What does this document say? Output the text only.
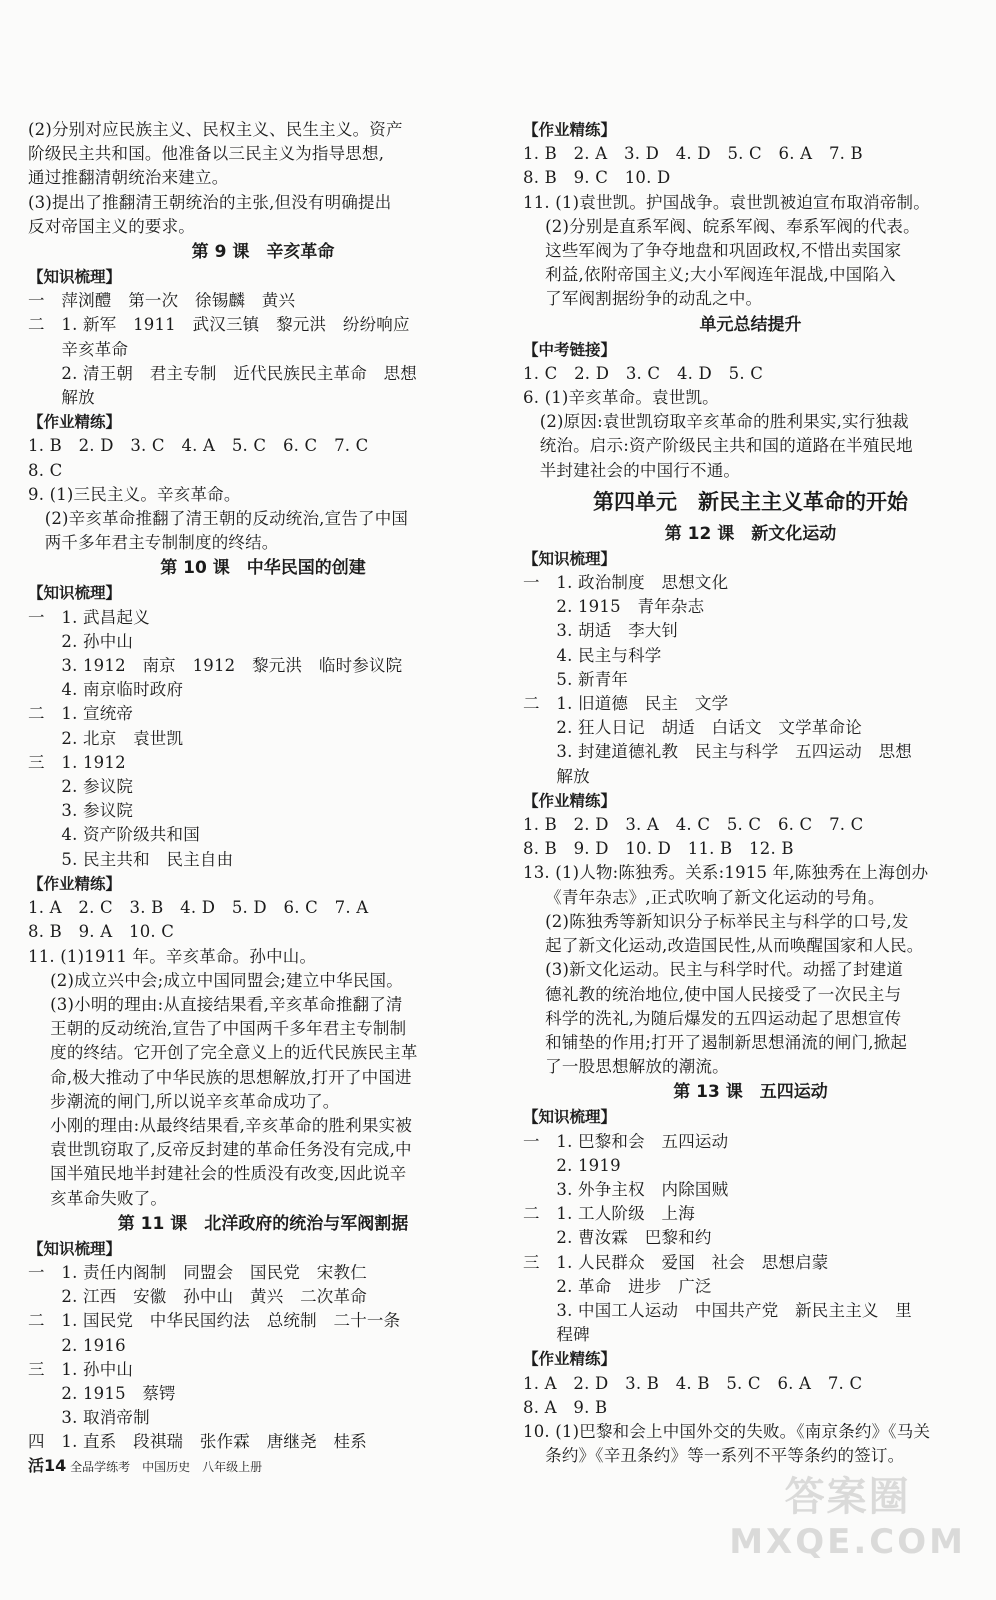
(2)分别对应民族主义、民权主义、民生主义。资产
阶级民主共和国。他准备以三民主义为指导思想,
通过推翻清朝统治来建立。
(3)提出了推翻清王朝统治的主张,但没有明确提出
反对帝国主义的要求。
第 9 课　辛亥革命
【知识梳理】
一　萍浏醴　第一次　徐锡麟　黄兴
二　1. 新军　1911　武汉三镇　黎元洪　纷纷响应
　　辛亥革命
　　2. 清王朝　君主专制　近代民族民主革命　思想
　　解放
【作业精练】
1. B　2. D　3. C　4. A　5. C　6. C　7. C
8. C
9. (1)三民主义。辛亥革命。
　(2)辛亥革命推翻了清王朝的反动统治,宣告了中国
　两千多年君主专制制度的终结。
第 10 课　中华民国的创建
【知识梳理】
一　1. 武昌起义
　　2. 孙中山
　　3. 1912　南京　1912　黎元洪　临时参议院
　　4. 南京临时政府
二　1. 宣统帝
　　2. 北京　袁世凯
三　1. 1912
　　2. 参议院
　　3. 参议院
　　4. 资产阶级共和国
　　5. 民主共和　民主自由
【作业精练】
1. A　2. C　3. B　4. D　5. D　6. C　7. A
8. B　9. A　10. C
11. (1)1911 年。辛亥革命。孙中山。
　 (2)成立兴中会;成立中国同盟会;建立中华民国。
　 (3)小明的理由:从直接结果看,辛亥革命推翻了清
　 王朝的反动统治,宣告了中国两千多年君主专制制
　 度的终结。它开创了完全意义上的近代民族民主革
　 命,极大推动了中华民族的思想解放,打开了中国进
　 步潮流的闸门,所以说辛亥革命成功了。
　 小刚的理由:从最终结果看,辛亥革命的胜利果实被
　 袁世凯窃取了,反帝反封建的革命任务没有完成,中
　 国半殖民地半封建社会的性质没有改变,因此说辛
　 亥革命失败了。
第 11 课　北洋政府的统治与军阀割据
【知识梳理】
一　1. 责任内阁制　同盟会　国民党　宋教仁
　　2. 江西　安徽　孙中山　黄兴　二次革命
二　1. 国民党　中华民国约法　总统制　二十一条
　　2. 1916
三　1. 孙中山
　　2. 1915　蔡锷
　　3. 取消帝制
四　1. 直系　段祺瑞　张作霖　唐继尧　桂系
【作业精练】
1. B　2. A　3. D　4. D　5. C　6. A　7. B
8. B　9. C　10. D
11. (1)袁世凯。护国战争。袁世凯被迫宣布取消帝制。
　 (2)分别是直系军阀、皖系军阀、奉系军阀的代表。
　 这些军阀为了争夺地盘和巩固政权,不惜出卖国家
　 利益,依附帝国主义;大小军阀连年混战,中国陷入
　 了军阀割据纷争的动乱之中。
单元总结提升
【中考链接】
1. C　2. D　3. C　4. D　5. C
6. (1)辛亥革命。袁世凯。
　(2)原因:袁世凯窃取辛亥革命的胜利果实,实行独裁
　统治。启示:资产阶级民主共和国的道路在半殖民地
　半封建社会的中国行不通。
第四单元　新民主主义革命的开始
第 12 课　新文化运动
【知识梳理】
一　1. 政治制度　思想文化
　　2. 1915　青年杂志
　　3. 胡适　李大钊
　　4. 民主与科学
　　5. 新青年
二　1. 旧道德　民主　文学
　　2. 狂人日记　胡适　白话文　文学革命论
　　3. 封建道德礼教　民主与科学　五四运动　思想
　　解放
【作业精练】
1. B　2. D　3. A　4. C　5. C　6. C　7. C
8. B　9. D　10. D　11. B　12. B
13. (1)人物:陈独秀。关系:1915 年,陈独秀在上海创办
　 《青年杂志》,正式吹响了新文化运动的号角。
　 (2)陈独秀等新知识分子标举民主与科学的口号,发
　 起了新文化运动,改造国民性,从而唤醒国家和人民。
　 (3)新文化运动。民主与科学时代。动摇了封建道
　 德礼教的统治地位,使中国人民接受了一次民主与
　 科学的洗礼,为随后爆发的五四运动起了思想宣传
　 和铺垫的作用;打开了遏制新思想涌流的闸门,掀起
　 了一股思想解放的潮流。
第 13 课　五四运动
【知识梳理】
一　1. 巴黎和会　五四运动
　　2. 1919
　　3. 外争主权　内除国贼
二　1. 工人阶级　上海
　　2. 曹汝霖　巴黎和约
三　1. 人民群众　爱国　社会　思想启蒙
　　2. 革命　进步　广泛
　　3. 中国工人运动　中国共产党　新民主主义　里
　　程碑
【作业精练】
1. A　2. D　3. B　4. B　5. C　6. A　7. C
8. A　9. B
10. (1)巴黎和会上中国外交的失败。《南京条约》《马关
　 条约》《辛丑条约》等一系列不平等条约的签订。
活14 全品学练考　中国历史　八年级上册
答案圈
MXQE.COM
